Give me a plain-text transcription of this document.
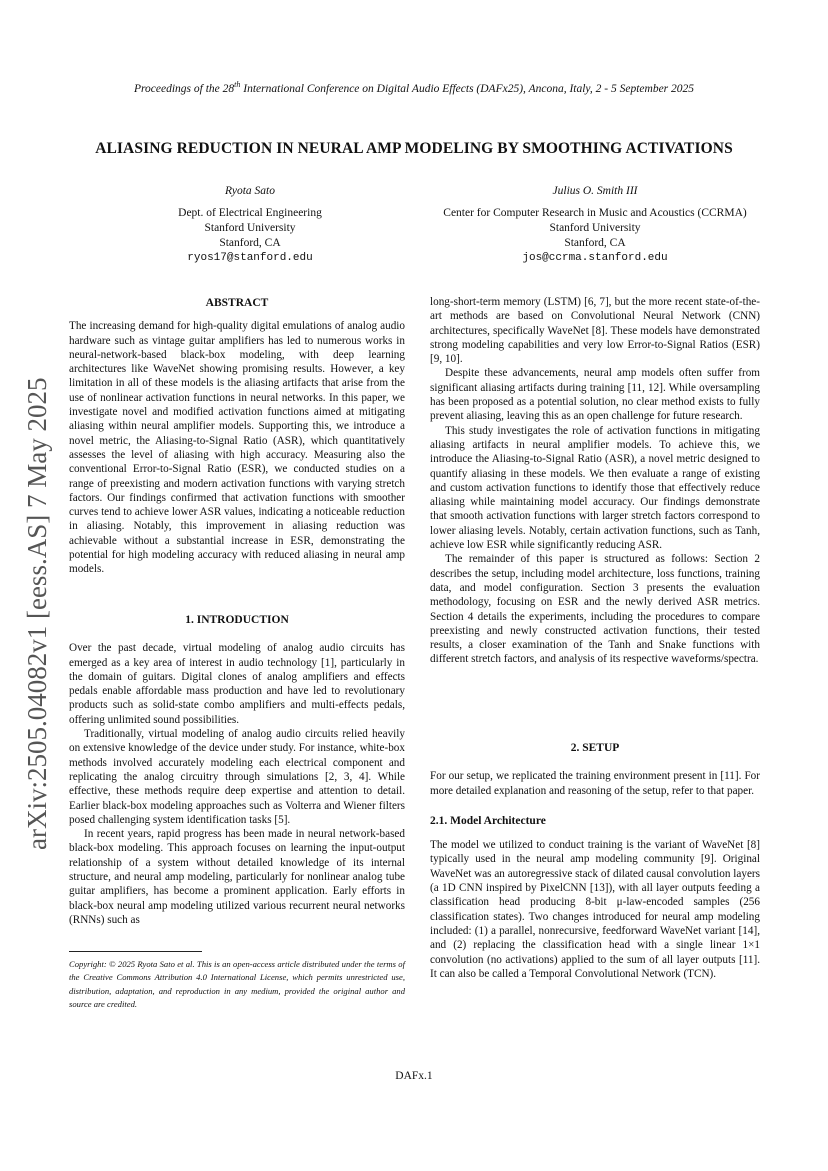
Proceedings of the 28th International Conference on Digital Audio Effects (DAFx25), Ancona, Italy, 2 - 5 September 2025
ALIASING REDUCTION IN NEURAL AMP MODELING BY SMOOTHING ACTIVATIONS
Ryota Sato
Dept. of Electrical Engineering
Stanford University
Stanford, CA
ryos17@stanford.edu
Julius O. Smith III
Center for Computer Research in Music and Acoustics (CCRMA)
Stanford University
Stanford, CA
jos@ccrma.stanford.edu
arXiv:2505.04082v1 [eess.AS] 7 May 2025
ABSTRACT

The increasing demand for high-quality digital emulations of analog audio hardware such as vintage guitar amplifiers has led to numerous works in neural-network-based black-box modeling, with deep learning architectures like WaveNet showing promising results. However, a key limitation in all of these models is the aliasing artifacts that arise from the use of nonlinear activation functions in neural networks. In this paper, we investigate novel and modified activation functions aimed at mitigating aliasing within neural amplifier models. Supporting this, we introduce a novel metric, the Aliasing-to-Signal Ratio (ASR), which quantitatively assesses the level of aliasing with high accuracy. Measuring also the conventional Error-to-Signal Ratio (ESR), we conducted studies on a range of preexisting and modern activation functions with varying stretch factors. Our findings confirmed that activation functions with smoother curves tend to achieve lower ASR values, indicating a noticeable reduction in aliasing. Notably, this improvement in aliasing reduction was achievable without a substantial increase in ESR, demonstrating the potential for high modeling accuracy with reduced aliasing in neural amp models.

1. INTRODUCTION

Over the past decade, virtual modeling of analog audio circuits has emerged as a key area of interest in audio technology [1], particularly in the domain of guitars. Digital clones of analog amplifiers and effects pedals enable affordable mass production and have led to revolutionary products such as solid-state combo amplifiers and multi-effects pedals, offering unlimited sound possibilities.

Traditionally, virtual modeling of analog audio circuits relied heavily on extensive knowledge of the device under study. For instance, white-box methods involved accurately modeling each electrical component and replicating the analog circuitry through simulations [2, 3, 4]. While effective, these methods require deep expertise and attention to detail. Earlier black-box modeling approaches such as Volterra and Wiener filters posed challenging system identification tasks [5].

In recent years, rapid progress has been made in neural network-based black-box modeling. This approach focuses on learning the input-output relationship of a system without detailed knowledge of its internal structure, and neural amp modeling, particularly for nonlinear analog tube guitar amplifiers, has become a prominent application. Early efforts in black-box neural amp modeling utilized various recurrent neural networks (RNNs) such as

Copyright: © 2025 Ryota Sato et al. This is an open-access article distributed under the terms of the Creative Commons Attribution 4.0 International License, which permits unrestricted use, distribution, adaptation, and reproduction in any medium, provided the original author and source are credited.

long-short-term memory (LSTM) [6, 7], but the more recent state-of-the-art methods are based on Convolutional Neural Network (CNN) architectures, specifically WaveNet [8]. These models have demonstrated strong modeling capabilities and very low Error-to-Signal Ratios (ESR) [9, 10].

Despite these advancements, neural amp models often suffer from significant aliasing artifacts during training [11, 12]. While oversampling has been proposed as a potential solution, no clear method exists to fully prevent aliasing, leaving this as an open challenge for future research.

This study investigates the role of activation functions in mitigating aliasing artifacts in neural amplifier models. To achieve this, we introduce the Aliasing-to-Signal Ratio (ASR), a novel metric designed to quantify aliasing in these models. We then evaluate a range of existing and custom activation functions to identify those that effectively reduce aliasing while maintaining model accuracy. Our findings demonstrate that smooth activation functions with larger stretch factors correspond to lower aliasing levels. Notably, certain activation functions, such as Tanh, achieve low ESR while significantly reducing ASR.

The remainder of this paper is structured as follows: Section 2 describes the setup, including model architecture, loss functions, training data, and model configuration. Section 3 presents the evaluation methodology, focusing on ESR and the newly derived ASR metrics. Section 4 details the experiments, including the procedures to compare preexisting and newly constructed activation functions, their tested results, a closer examination of the Tanh and Snake functions with different stretch factors, and analysis of its respective waveforms/spectra.

2. SETUP

For our setup, we replicated the training environment present in [11]. For more detailed explanation and reasoning of the setup, refer to that paper.

2.1. Model Architecture

The model we utilized to conduct training is the variant of WaveNet [8] typically used in the neural amp modeling community [9]. Original WaveNet was an autoregressive stack of dilated causal convolution layers (a 1D CNN inspired by PixelCNN [13]), with all layer outputs feeding a classification head producing 8-bit μ-law-encoded samples (256 classification states). Two changes introduced for neural amp modeling included: (1) a parallel, nonrecursive, feedforward WaveNet variant [14], and (2) replacing the classification head with a single linear 1×1 convolution (no activations) applied to the sum of all layer outputs [11]. It can also be called a Temporal Convolutional Network (TCN).

DAFx.1
